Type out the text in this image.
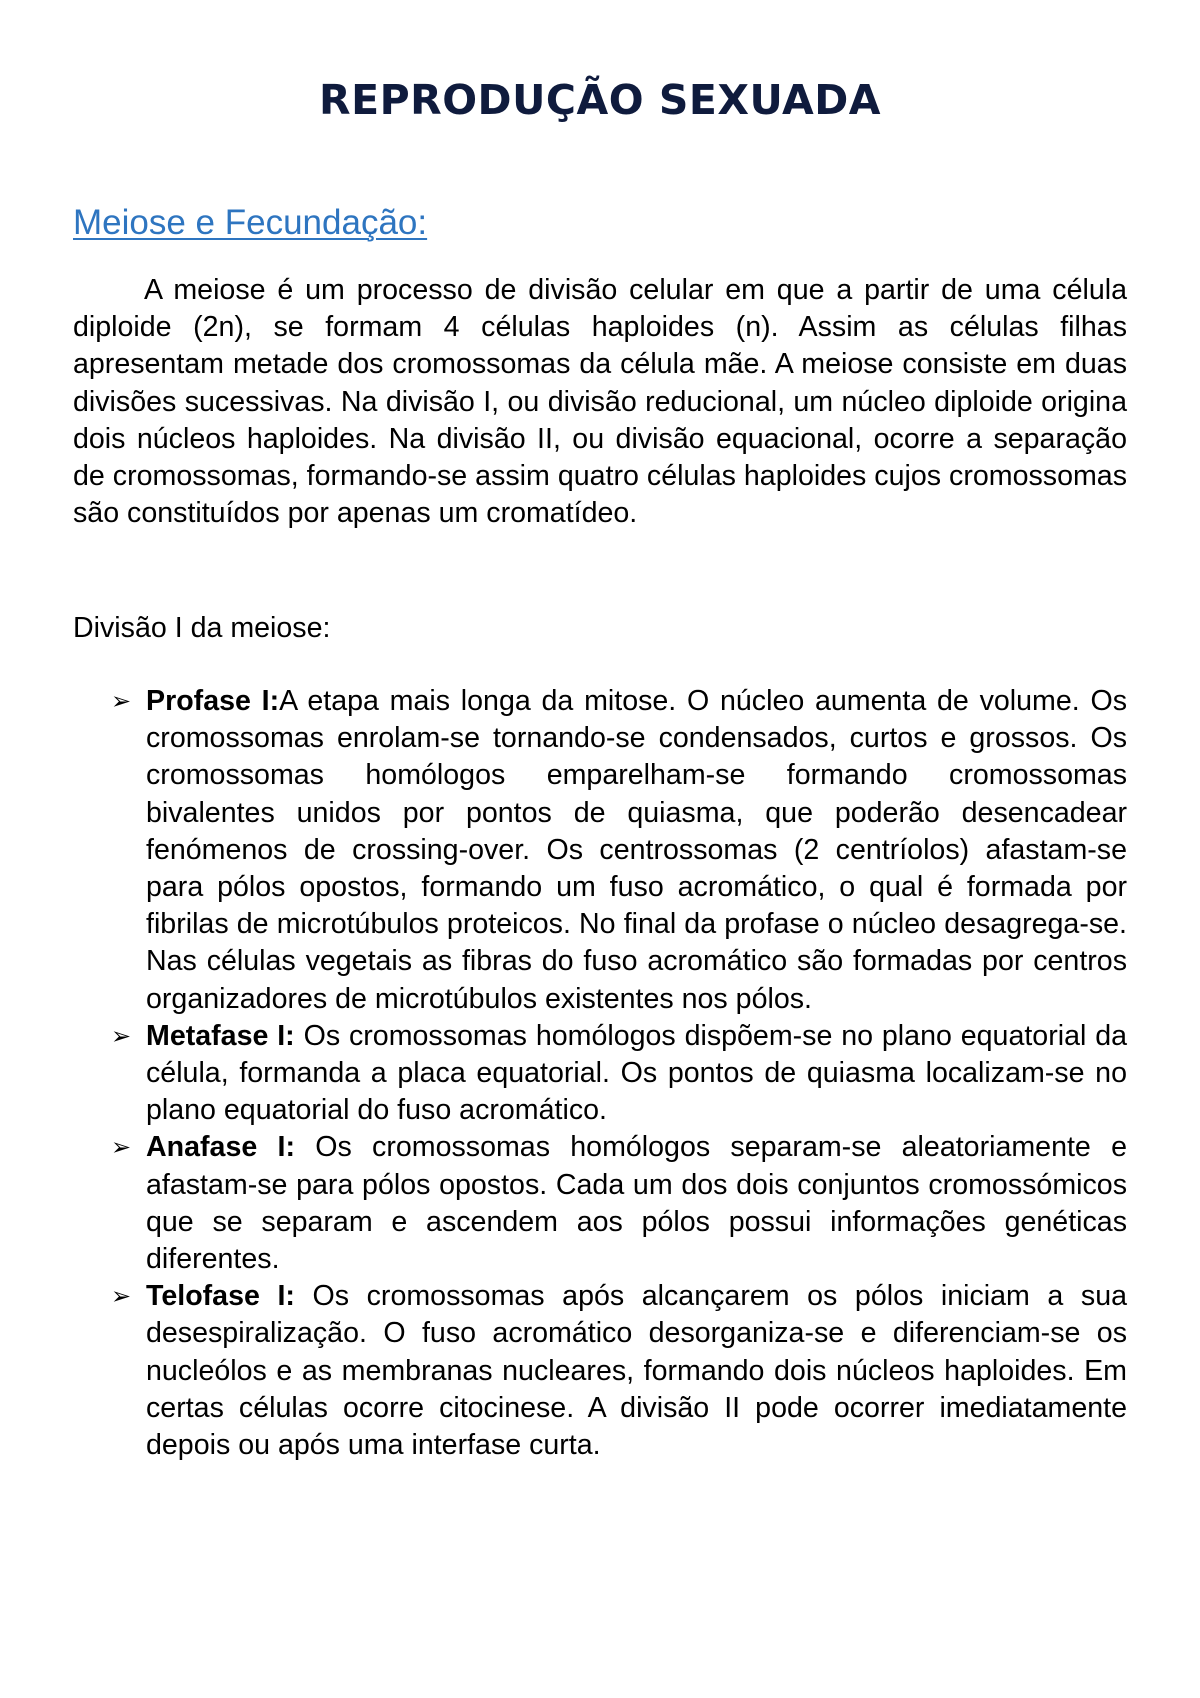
REPRODUÇÃO SEXUADA
Meiose e Fecundação:

A meiose é um processo de divisão celular em que a partir de uma célula diploide (2n), se formam 4 células haploides (n). Assim as células filhas apresentam metade dos cromossomas da célula mãe. A meiose consiste em duas divisões sucessivas. Na divisão I, ou divisão reducional, um núcleo diploide origina dois núcleos haploides. Na divisão II, ou divisão equacional, ocorre a separação de cromossomas, formando-se assim quatro células haploides cujos cromossomas são constituídos por apenas um cromatídeo.

Divisão I da meiose:

➢ Profase I:A etapa mais longa da mitose. O núcleo aumenta de volume. Os cromossomas enrolam-se tornando-se condensados, curtos e grossos. Os cromossomas homólogos emparelham-se formando cromossomas bivalentes unidos por pontos de quiasma, que poderão desencadear fenómenos de crossing-over. Os centrossomas (2 centríolos) afastam-se para pólos opostos, formando um fuso acromático, o qual é formada por fibrilas de microtúbulos proteicos. No final da profase o núcleo desagrega-se. Nas células vegetais as fibras do fuso acromático são formadas por centros organizadores de microtúbulos existentes nos pólos.
➢ Metafase I: Os cromossomas homólogos dispõem-se no plano equatorial da célula, formanda a placa equatorial. Os pontos de quiasma localizam-se no plano equatorial do fuso acromático.
➢ Anafase I: Os cromossomas homólogos separam-se aleatoriamente e afastam-se para pólos opostos. Cada um dos dois conjuntos cromossómicos que se separam e ascendem aos pólos possui informações genéticas diferentes.
➢ Telofase I: Os cromossomas após alcançarem os pólos iniciam a sua desespiralização. O fuso acromático desorganiza-se e diferenciam-se os nucleólos e as membranas nucleares, formando dois núcleos haploides. Em certas células ocorre citocinese. A divisão II pode ocorrer imediatamente depois ou após uma interfase curta.
